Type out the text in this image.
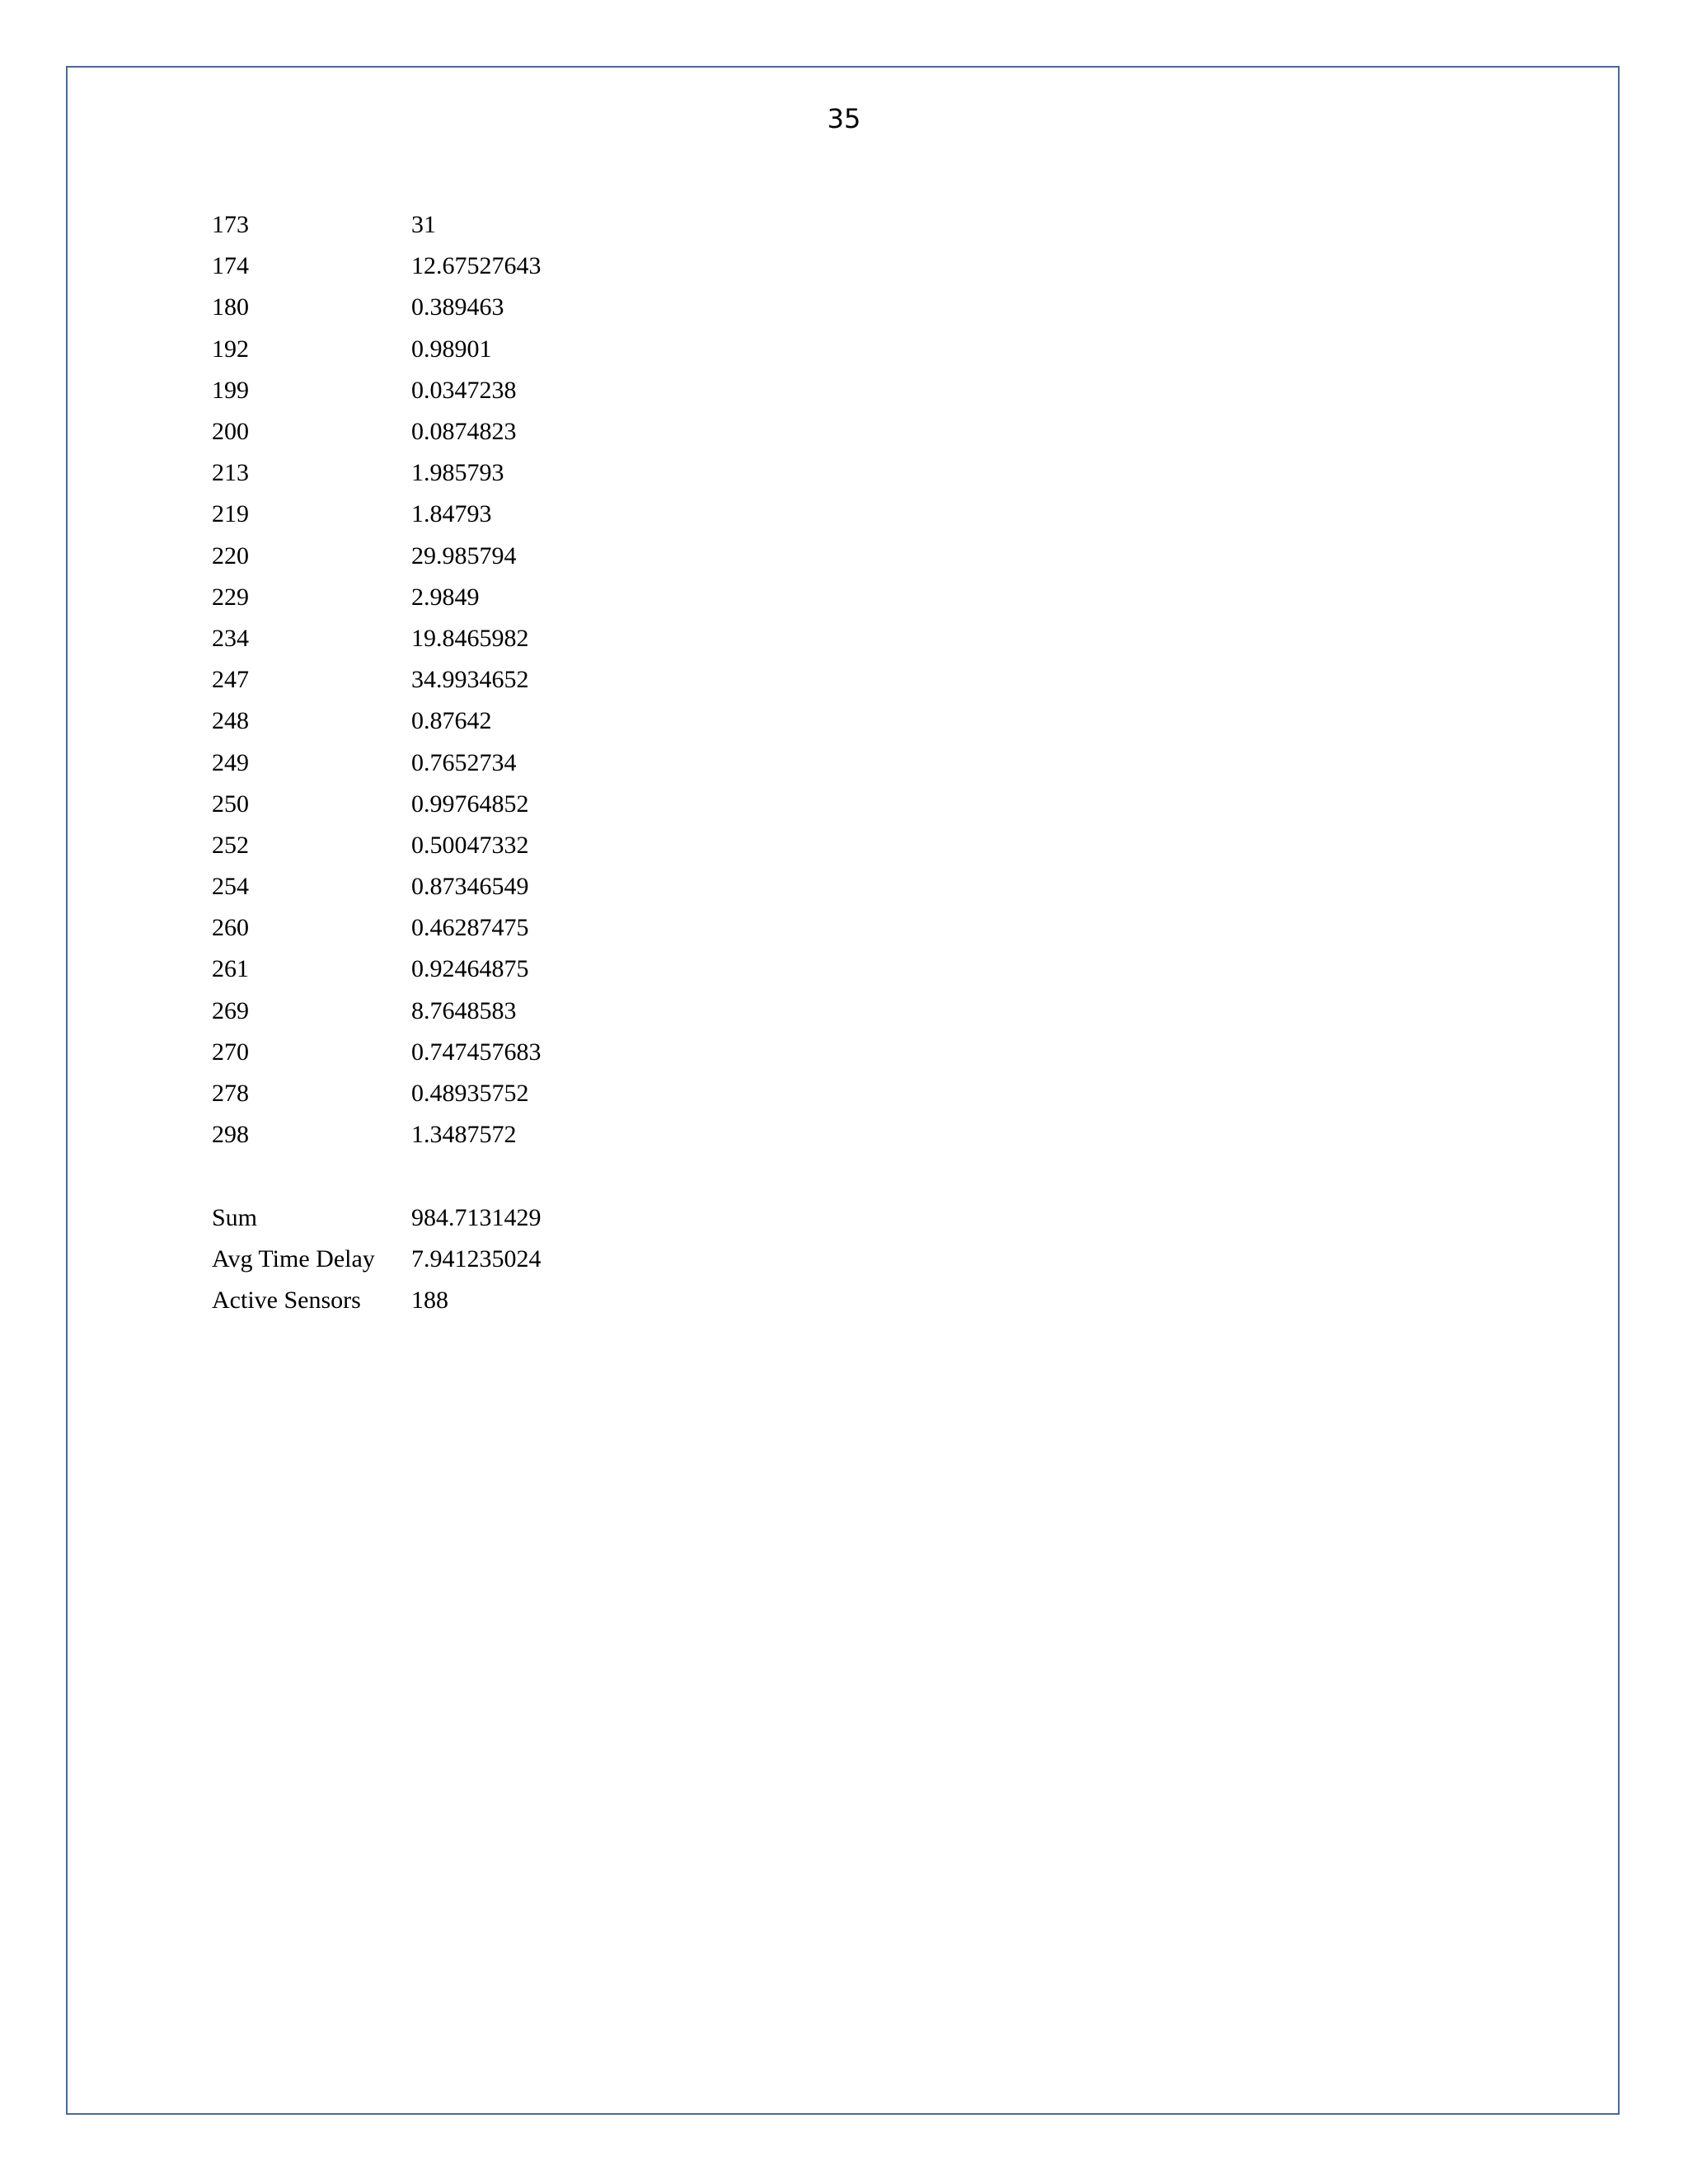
35
173	31
174	12.67527643
180	0.389463
192	0.98901
199	0.0347238
200	0.0874823
213	1.985793
219	1.84793
220	29.985794
229	2.9849
234	19.8465982
247	34.9934652
248	0.87642
249	0.7652734
250	0.99764852
252	0.50047332
254	0.87346549
260	0.46287475
261	0.92464875
269	8.7648583
270	0.747457683
278	0.48935752
298	1.3487572

Sum	984.7131429
Avg Time Delay	7.941235024
Active Sensors	188
